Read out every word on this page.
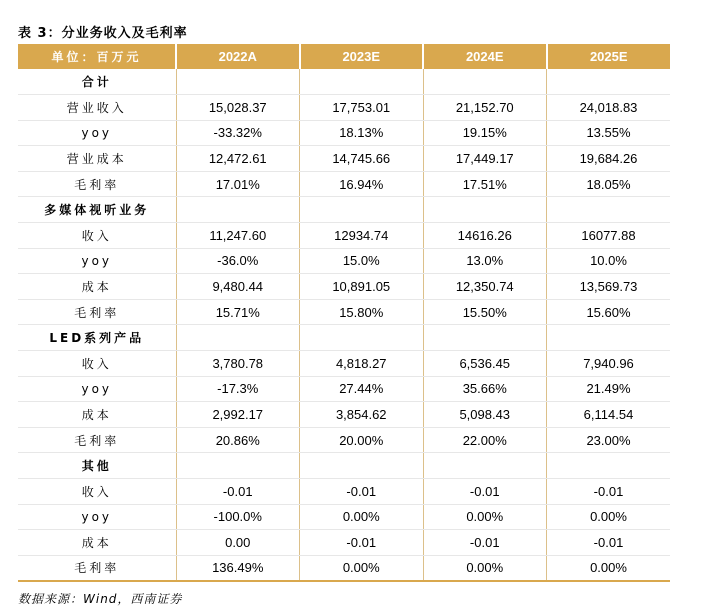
表 3：分业务收入及毛利率
单位：百万元	2022A	2023E	2024E	2025E
合计				
营业收入	15,028.37	17,753.01	21,152.70	24,018.83
yoy	-33.32%	18.13%	19.15%	13.55%
营业成本	12,472.61	14,745.66	17,449.17	19,684.26
毛利率	17.01%	16.94%	17.51%	18.05%
多媒体视听业务				
收入	11,247.60	12934.74	14616.26	16077.88
yoy	-36.0%	15.0%	13.0%	10.0%
成本	9,480.44	10,891.05	12,350.74	13,569.73
毛利率	15.71%	15.80%	15.50%	15.60%
LED系列产品				
收入	3,780.78	4,818.27	6,536.45	7,940.96
yoy	-17.3%	27.44%	35.66%	21.49%
成本	2,992.17	3,854.62	5,098.43	6,114.54
毛利率	20.86%	20.00%	22.00%	23.00%
其他				
收入	-0.01	-0.01	-0.01	-0.01
yoy	-100.0%	0.00%	0.00%	0.00%
成本	0.00	-0.01	-0.01	-0.01
毛利率	136.49%	0.00%	0.00%	0.00%
数据来源：Wind，西南证券
